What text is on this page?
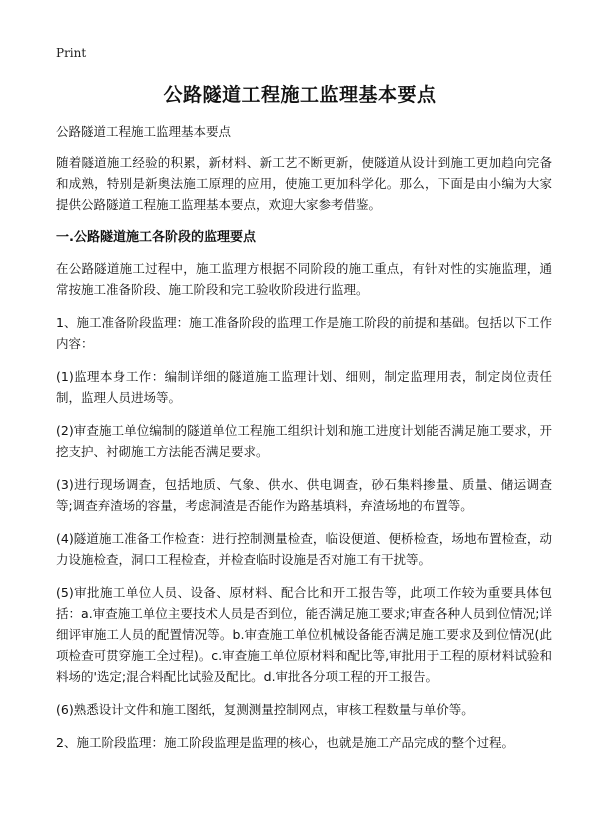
Print
公路隧道工程施工监理基本要点

公路隧道工程施工监理基本要点

随着隧道施工经验的积累，新材料、新工艺不断更新，使隧道从设计到施工更加趋向完备和成熟，特别是新奥法施工原理的应用，使施工更加科学化。那么，下面是由小编为大家提供公路隧道工程施工监理基本要点，欢迎大家参考借鉴。

一.公路隧道施工各阶段的监理要点

在公路隧道施工过程中，施工监理方根据不同阶段的施工重点，有针对性的实施监理，通常按施工准备阶段、施工阶段和完工验收阶段进行监理。

1、施工准备阶段监理：施工准备阶段的监理工作是施工阶段的前提和基础。包括以下工作内容：

(1)监理本身工作：编制详细的隧道施工监理计划、细则，制定监理用表，制定岗位责任制，监理人员进场等。

(2)审查施工单位编制的隧道单位工程施工组织计划和施工进度计划能否满足施工要求，开挖支护、衬砌施工方法能否满足要求。

(3)进行现场调查，包括地质、气象、供水、供电调查，砂石集料掺量、质量、储运调查等;调查弃渣场的容量，考虑洞渣是否能作为路基填料，弃渣场地的布置等。

(4)隧道施工准备工作检查：进行控制测量检查，临设便道、便桥检查，场地布置检查，动力设施检查，洞口工程检查，并检查临时设施是否对施工有干扰等。

(5)审批施工单位人员、设备、原材料、配合比和开工报告等，此项工作较为重要具体包括：a.审查施工单位主要技术人员是否到位，能否满足施工要求;审查各种人员到位情况;详细评审施工人员的配置情况等。b.审查施工单位机械设备能否满足施工要求及到位情况(此项检查可贯穿施工全过程)。c.审查施工单位原材料和配比等,审批用于工程的原材料试验和料场的'选定;混合料配比试验及配比。d.审批各分项工程的开工报告。

(6)熟悉设计文件和施工图纸，复测测量控制网点，审核工程数量与单价等。

2、施工阶段监理：施工阶段监理是监理的核心，也就是施工产品完成的整个过程。
